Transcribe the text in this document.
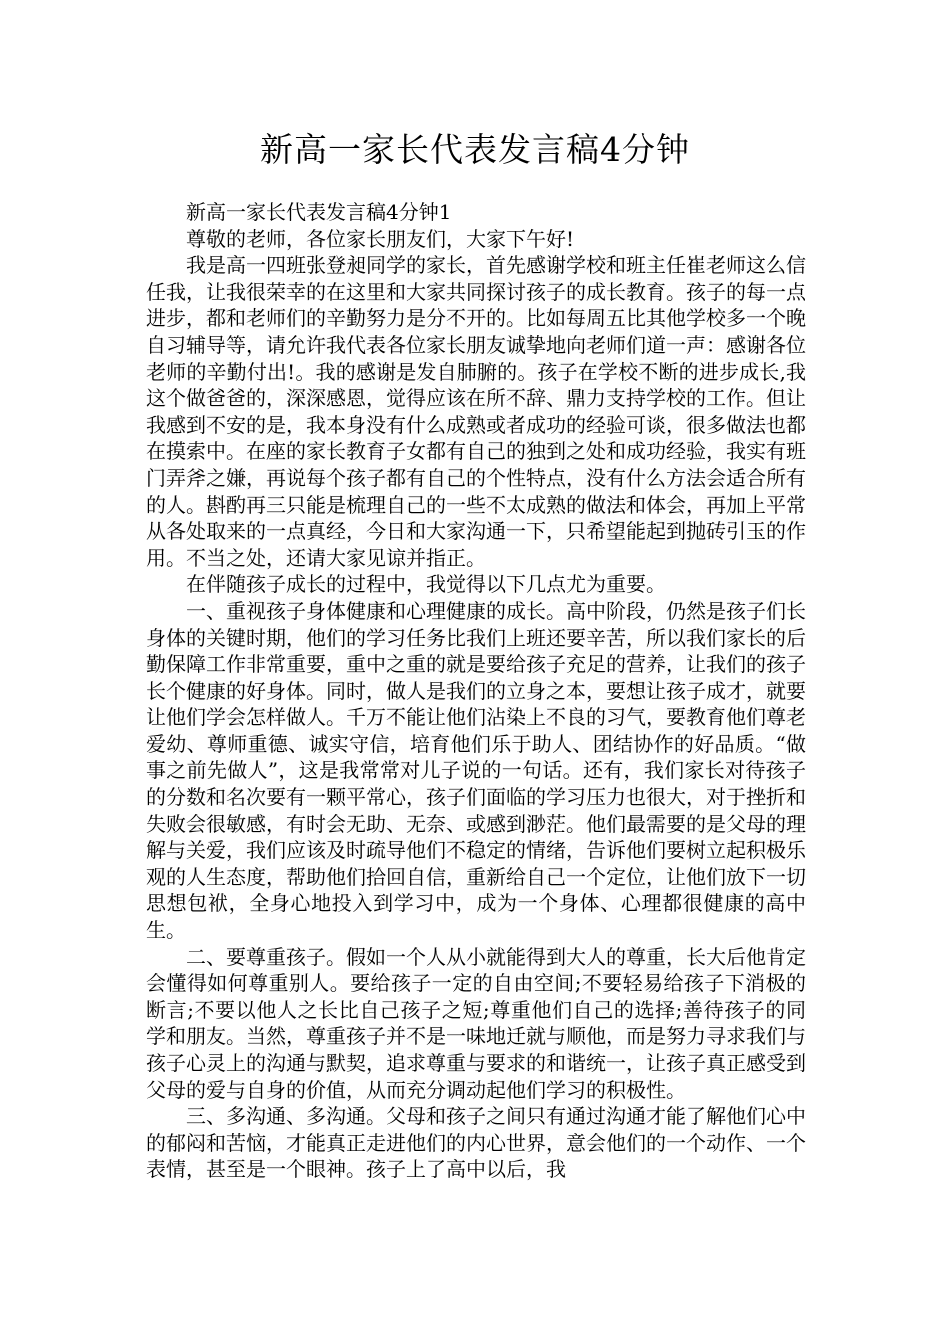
新高一家长代表发言稿4分钟

新高一家长代表发言稿4分钟1

尊敬的老师，各位家长朋友们，大家下午好!

我是高一四班张登昶同学的家长，首先感谢学校和班主任崔老师这么信任我，让我很荣幸的在这里和大家共同探讨孩子的成长教育。孩子的每一点进步，都和老师们的辛勤努力是分不开的。比如每周五比其他学校多一个晚自习辅导等，请允许我代表各位家长朋友诚挚地向老师们道一声：感谢各位老师的辛勤付出!。我的感谢是发自肺腑的。孩子在学校不断的进步成长,我这个做爸爸的，深深感恩，觉得应该在所不辞、鼎力支持学校的工作。但让我感到不安的是，我本身没有什么成熟或者成功的经验可谈，很多做法也都在摸索中。在座的家长教育子女都有自己的独到之处和成功经验，我实有班门弄斧之嫌，再说每个孩子都有自己的个性特点，没有什么方法会适合所有的人。斟酌再三只能是梳理自己的一些不太成熟的做法和体会，再加上平常从各处取来的一点真经，今日和大家沟通一下，只希望能起到抛砖引玉的作用。不当之处，还请大家见谅并指正。

在伴随孩子成长的过程中，我觉得以下几点尤为重要。

一、重视孩子身体健康和心理健康的成长。高中阶段，仍然是孩子们长身体的关键时期，他们的学习任务比我们上班还要辛苦，所以我们家长的后勤保障工作非常重要，重中之重的就是要给孩子充足的营养，让我们的孩子长个健康的好身体。同时，做人是我们的立身之本，要想让孩子成才，就要让他们学会怎样做人。千万不能让他们沾染上不良的习气，要教育他们尊老爱幼、尊师重德、诚实守信，培育他们乐于助人、团结协作的好品质。“做事之前先做人”，这是我常常对儿子说的一句话。还有，我们家长对待孩子的分数和名次要有一颗平常心，孩子们面临的学习压力也很大，对于挫折和失败会很敏感，有时会无助、无奈、或感到渺茫。他们最需要的是父母的理解与关爱，我们应该及时疏导他们不稳定的情绪，告诉他们要树立起积极乐观的人生态度，帮助他们拾回自信，重新给自己一个定位，让他们放下一切思想包袱，全身心地投入到学习中，成为一个身体、心理都很健康的高中生。

二、要尊重孩子。假如一个人从小就能得到大人的尊重，长大后他肯定会懂得如何尊重别人。要给孩子一定的自由空间;不要轻易给孩子下消极的断言;不要以他人之长比自己孩子之短;尊重他们自己的选择;善待孩子的同学和朋友。当然，尊重孩子并不是一味地迁就与顺他，而是努力寻求我们与孩子心灵上的沟通与默契，追求尊重与要求的和谐统一，让孩子真正感受到父母的爱与自身的价值，从而充分调动起他们学习的积极性。

三、多沟通、多沟通。父母和孩子之间只有通过沟通才能了解他们心中的郁闷和苦恼，才能真正走进他们的内心世界，意会他们的一个动作、一个表情，甚至是一个眼神。孩子上了高中以后，我
